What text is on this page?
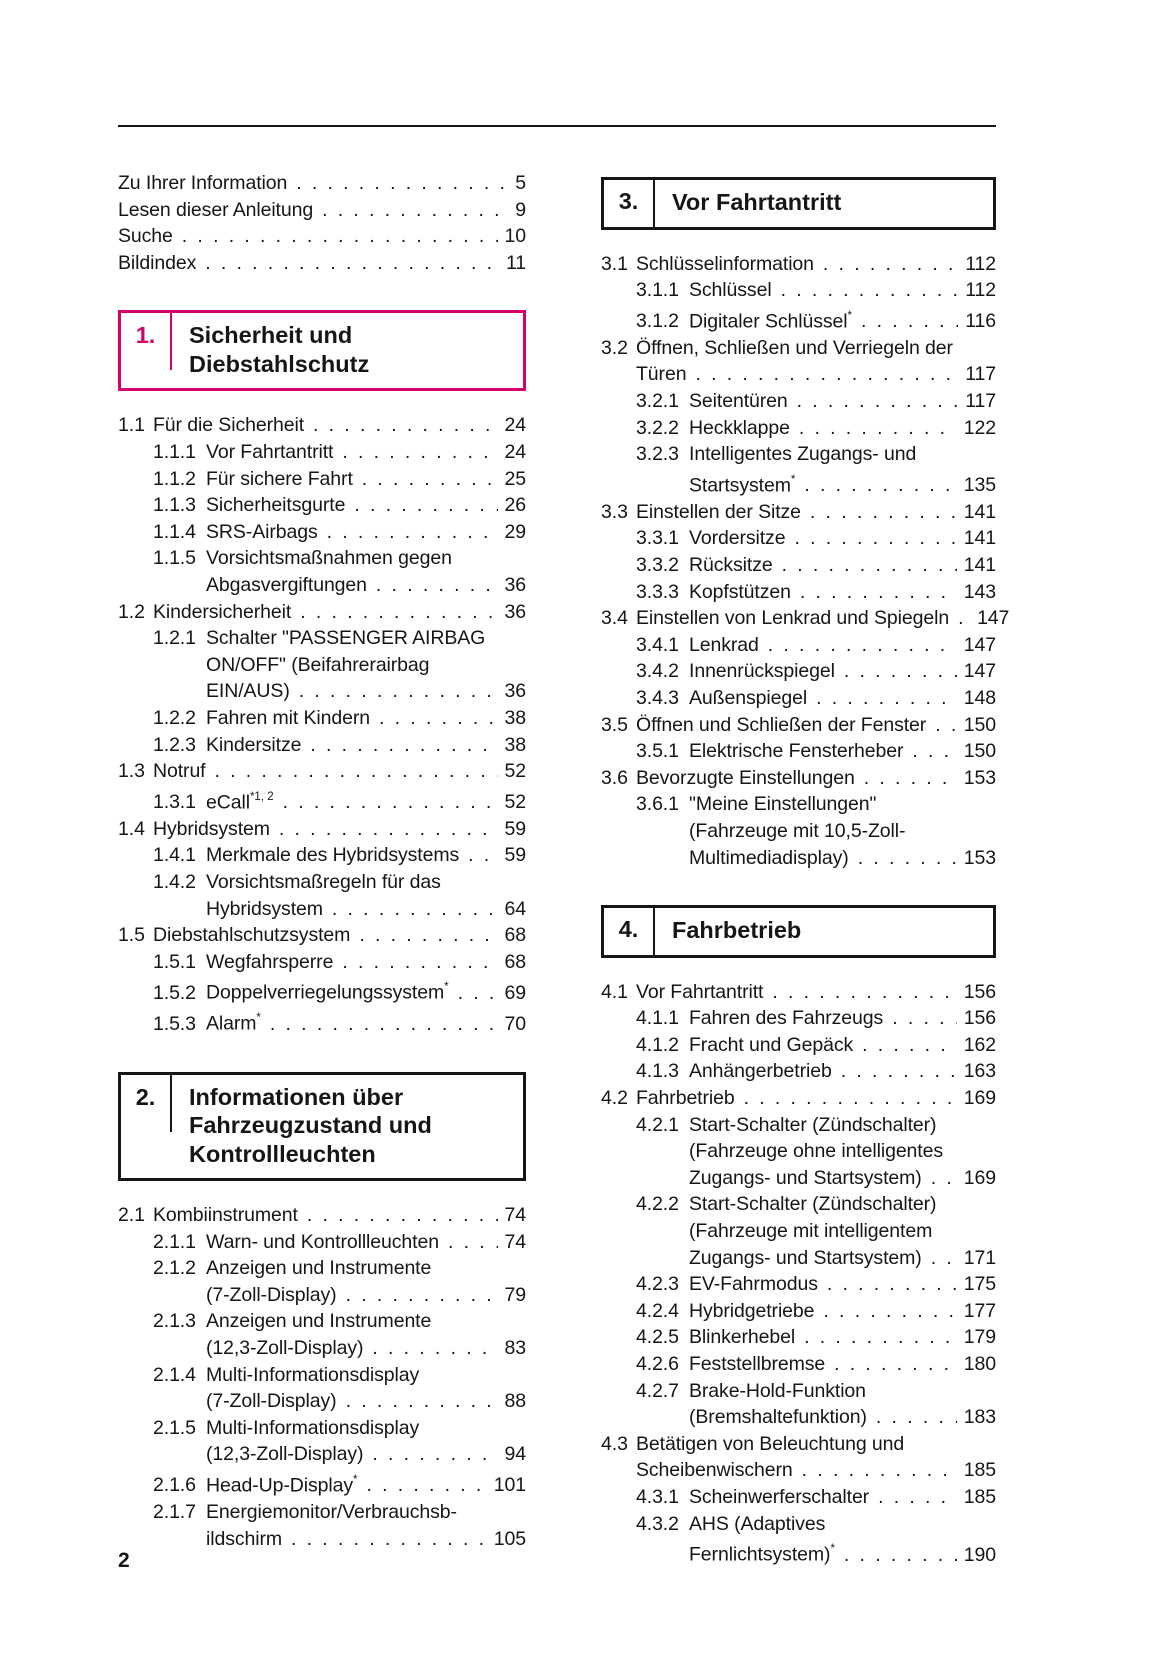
Zu Ihrer Information . . .	5
Lesen dieser Anleitung . . .	9
Suche . . .	10
Bildindex . . .	11
1.	Sicherheit und
Diebstahlschutz
1.1 Für die Sicherheit . . .	24
1.1.1 Vor Fahrtantritt . . .	24
1.1.2 Für sichere Fahrt . . .	25
1.1.3 Sicherheitsgurte . . .	26
1.1.4 SRS-Airbags . . .	29
1.1.5 Vorsichtsmaßnahmen gegen
Abgasvergiftungen . . .	36
1.2 Kindersicherheit . . .	36
1.2.1 Schalter "PASSENGER AIRBAG
ON/OFF" (Beifahrerairbag
EIN/AUS) . . .	36
1.2.2 Fahren mit Kindern . . .	38
1.2.3 Kindersitze . . .	38
1.3 Notruf . . .	52
1.3.1 eCall$^{*1, 2}$ . . .	52
1.4 Hybridsystem . . .	59
1.4.1 Merkmale des Hybridsystems . . . 59
1.4.2 Vorsichtsmaßregeln für das
Hybridsystem . . .	64
1.5 Diebstahlschutzsystem . . .	68
1.5.1 Wegfahrsperre . . .	68
1.5.2 Doppelverriegelungssystem* . . .	69
1.5.3 Alarm* . . .	70
2.	Informationen über
Fahrzeugzustand und
Kontrollleuchten
2.1 Kombiinstrument . . .	74
2.1.1 Warn- und Kontrollleuchten . . .	74
2.1.2 Anzeigen und Instrumente
(7-Zoll-Display) . . .	79
2.1.3 Anzeigen und Instrumente
(12,3-Zoll-Display) . . .	83
2.1.4 Multi-Informationsdisplay
(7-Zoll-Display) . . .	88
2.1.5 Multi-Informationsdisplay
(12,3-Zoll-Display) . . .	94
2.1.6 Head-Up-Display* . . .	101
2.1.7 Energiemonitor/Verbrauchsb-
ildschirm . . .	105
3.	Vor Fahrtantritt
3.1 Schlüsselinformation . . .	112
3.1.1 Schlüssel . . .	112
3.1.2 Digitaler Schlüssel* . . .	116
3.2 Öffnen, Schließen und Verriegeln der
Türen . . .	117
3.2.1 Seitentüren . . .	117
3.2.2 Heckklappe . . .	122
3.2.3 Intelligentes Zugangs- und
Startsystem* . . .	135
3.3 Einstellen der Sitze . . .	141
3.3.1 Vordersitze . . .	141
3.3.2 Rücksitze . . .	141
3.3.3 Kopfstützen . . .	143
3.4 Einstellen von Lenkrad und Spiegeln . . . 147
3.4.1 Lenkrad . . .	147
3.4.2 Innenrückspiegel . . .	147
3.4.3 Außenspiegel . . .	148
3.5 Öffnen und Schließen der Fenster . . . 150
3.5.1 Elektrische Fensterheber . . .	150
3.6 Bevorzugte Einstellungen . . .	153
3.6.1 "Meine Einstellungen"
(Fahrzeuge mit 10,5-Zoll-
Multimediadisplay) . . .	153
4.	Fahrbetrieb
4.1 Vor Fahrtantritt . . .	156
4.1.1 Fahren des Fahrzeugs . . .	156
4.1.2 Fracht und Gepäck . . .	162
4.1.3 Anhängerbetrieb . . .	163
4.2 Fahrbetrieb . . .	169
4.2.1 Start-Schalter (Zündschalter)
(Fahrzeuge ohne intelligentes
Zugangs- und Startsystem) . . . 169
4.2.2 Start-Schalter (Zündschalter)
(Fahrzeuge mit intelligentem
Zugangs- und Startsystem) . . . 171
4.2.3 EV-Fahrmodus . . .	175
4.2.4 Hybridgetriebe . . .	177
4.2.5 Blinkerhebel . . .	179
4.2.6 Feststellbremse . . .	180
4.2.7 Brake-Hold-Funktion
(Bremshaltefunktion) . . .	183
4.3 Betätigen von Beleuchtung und
Scheibenwischern . . .	185
4.3.1 Scheinwerferschalter . . .	185
4.3.2 AHS (Adaptives
Fernlichtsystem)* . . .	190
2
